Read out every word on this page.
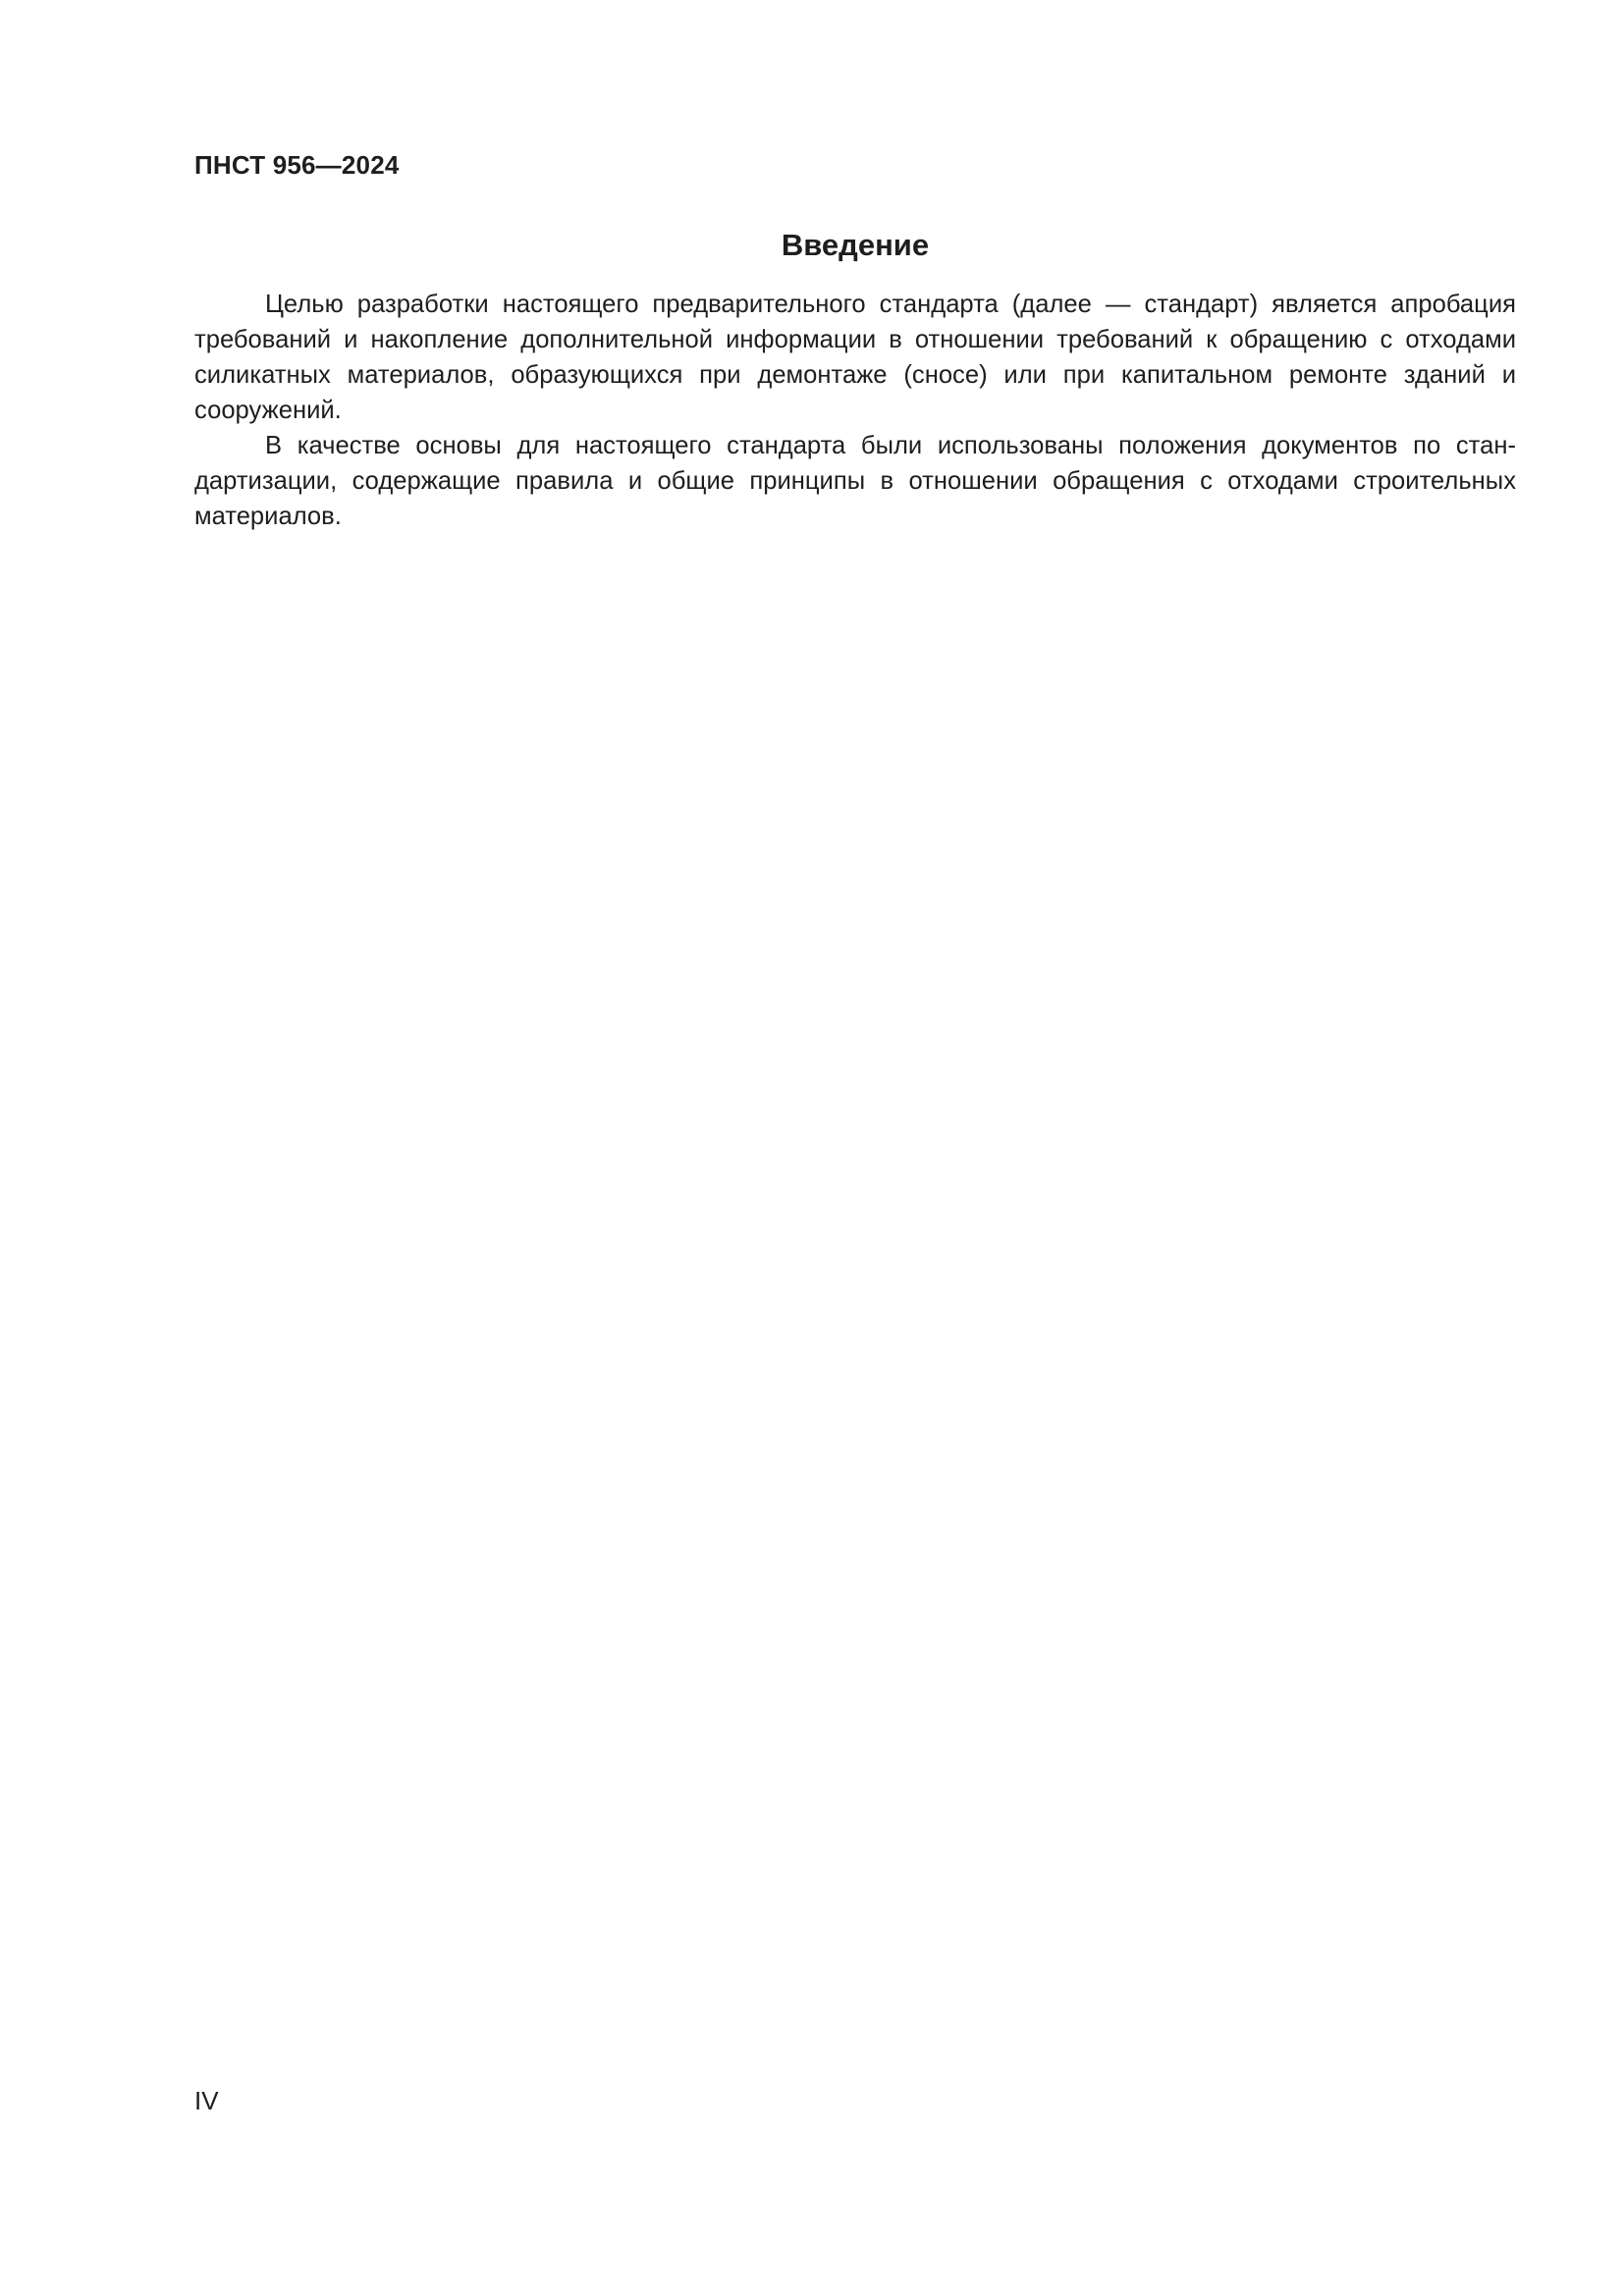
ПНСТ 956—2024
Введение

Целью разработки настоящего предварительного стандарта (далее — стандарт) является апробация требований и накопление дополнительной информации в отношении требований к обращению с отходами силикатных материалов, образующихся при демонтаже (сносе) или при капитальном ремонте зданий и сооружений.

В качестве основы для настоящего стандарта были использованы положения документов по стандартизации, содержащие правила и общие принципы в отношении обращения с отходами строительных материалов.

IV
